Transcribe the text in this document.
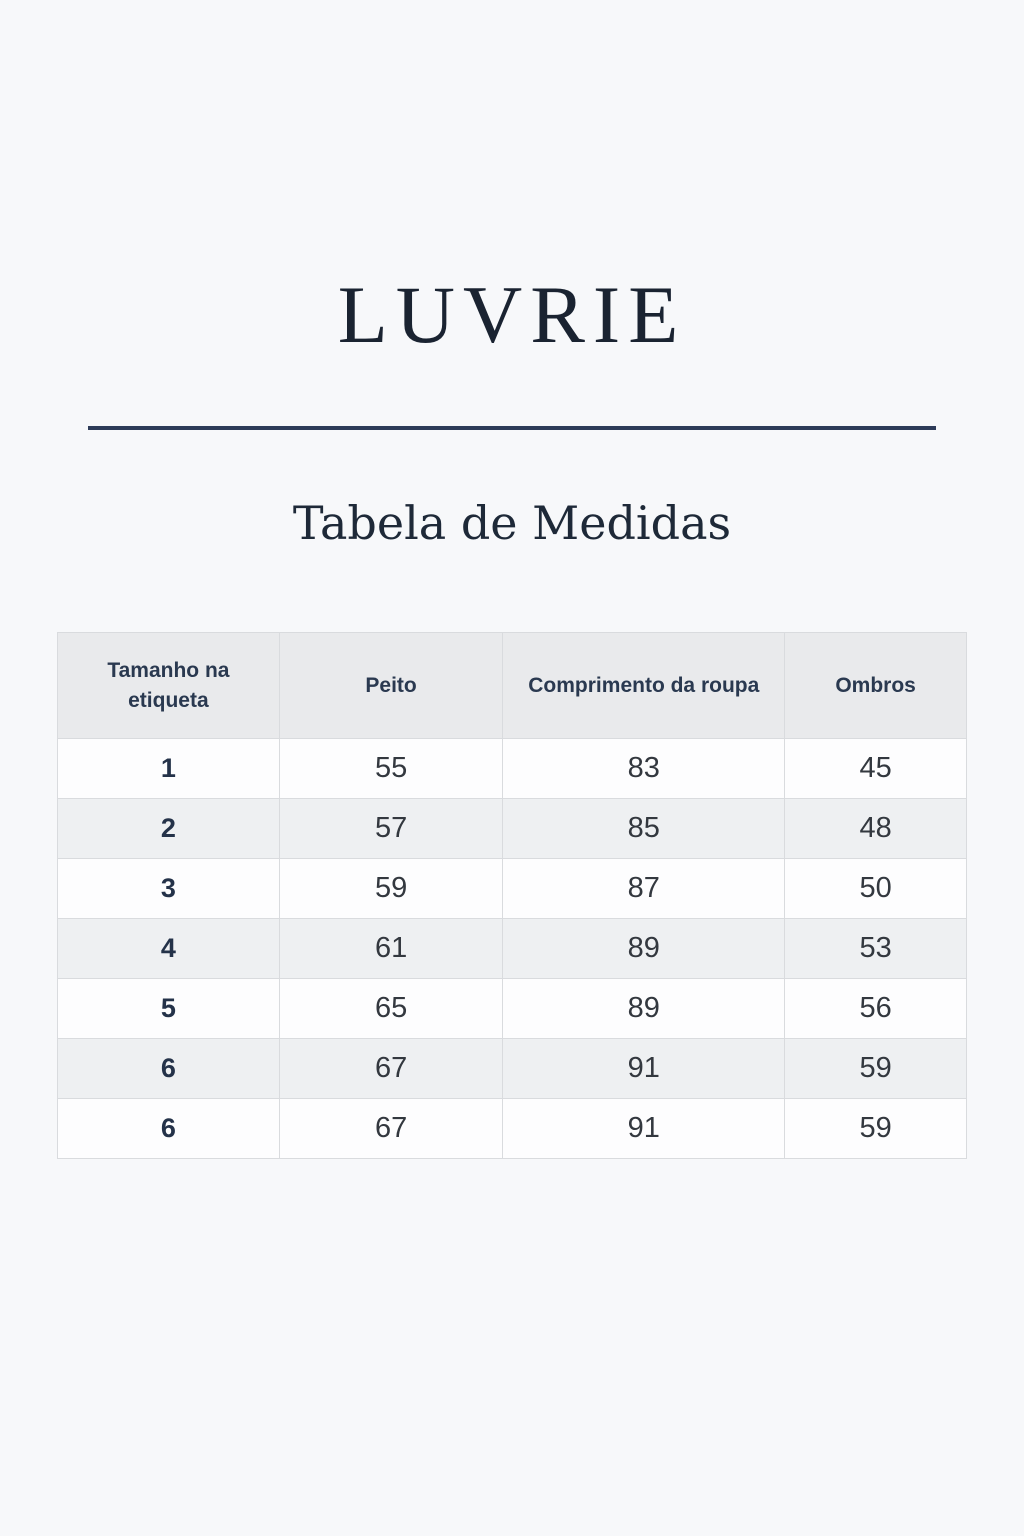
LUVRIE
Tabela de Medidas
Tamanho na etiqueta	Peito	Comprimento da roupa	Ombros
1	55	83	45
2	57	85	48
3	59	87	50
4	61	89	53
5	65	89	56
6	67	91	59
6	67	91	59
